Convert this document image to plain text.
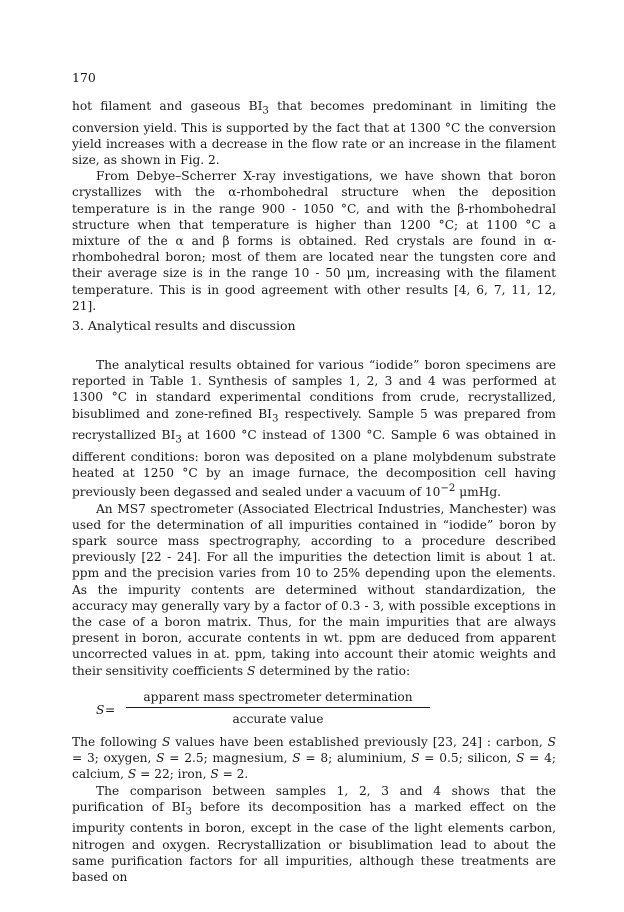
170

hot filament and gaseous $BI_3$ that becomes predominant in limiting the conversion yield. This is supported by the fact that at 1300 °C the conversion yield increases with a decrease in the flow rate or an increase in the filament size, as shown in Fig. 2.

From Debye–Scherrer X-ray investigations, we have shown that boron crystallizes with the α-rhombohedral structure when the deposition temperature is in the range 900 - 1050 °C, and with the β-rhombohedral structure when that temperature is higher than 1200 °C; at 1100 °C a mixture of the α and β forms is obtained. Red crystals are found in α-rhombohedral boron; most of them are located near the tungsten core and their average size is in the range 10 - 50 μm, increasing with the filament temperature. This is in good agreement with other results [4, 6, 7, 11, 12, 21].

3. Analytical results and discussion

The analytical results obtained for various “iodide” boron specimens are reported in Table 1. Synthesis of samples 1, 2, 3 and 4 was performed at 1300 °C in standard experimental conditions from crude, recrystallized, bisublimed and zone-refined $BI_3$ respectively. Sample 5 was prepared from recrystallized $BI_3$ at 1600 °C instead of 1300 °C. Sample 6 was obtained in different conditions: boron was deposited on a plane molybdenum substrate heated at 1250 °C by an image furnace, the decomposition cell having previously been degassed and sealed under a vacuum of $10^{-2}$ μmHg.

An MS7 spectrometer (Associated Electrical Industries, Manchester) was used for the determination of all impurities contained in “iodide” boron by spark source mass spectrography, according to a procedure described previously [22 - 24]. For all the impurities the detection limit is about 1 at. ppm and the precision varies from 10 to 25% depending upon the elements. As the impurity contents are determined without standardization, the accuracy may generally vary by a factor of 0.3 - 3, with possible exceptions in the case of a boron matrix. Thus, for the main impurities that are always present in boron, accurate contents in wt. ppm are deduced from apparent uncorrected values in at. ppm, taking into account their atomic weights and their sensitivity coefficients S determined by the ratio:

S =
apparent mass spectrometer determination
accurate value

The following S values have been established previously [23, 24] : carbon, S = 3; oxygen, S = 2.5; magnesium, S = 8; aluminium, S = 0.5; silicon, S = 4; calcium, S = 22; iron, S = 2.

The comparison between samples 1, 2, 3 and 4 shows that the purification of $BI_3$ before its decomposition has a marked effect on the impurity contents in boron, except in the case of the light elements carbon, nitrogen and oxygen. Recrystallization or bisublimation lead to about the same purification factors for all impurities, although these treatments are based on
